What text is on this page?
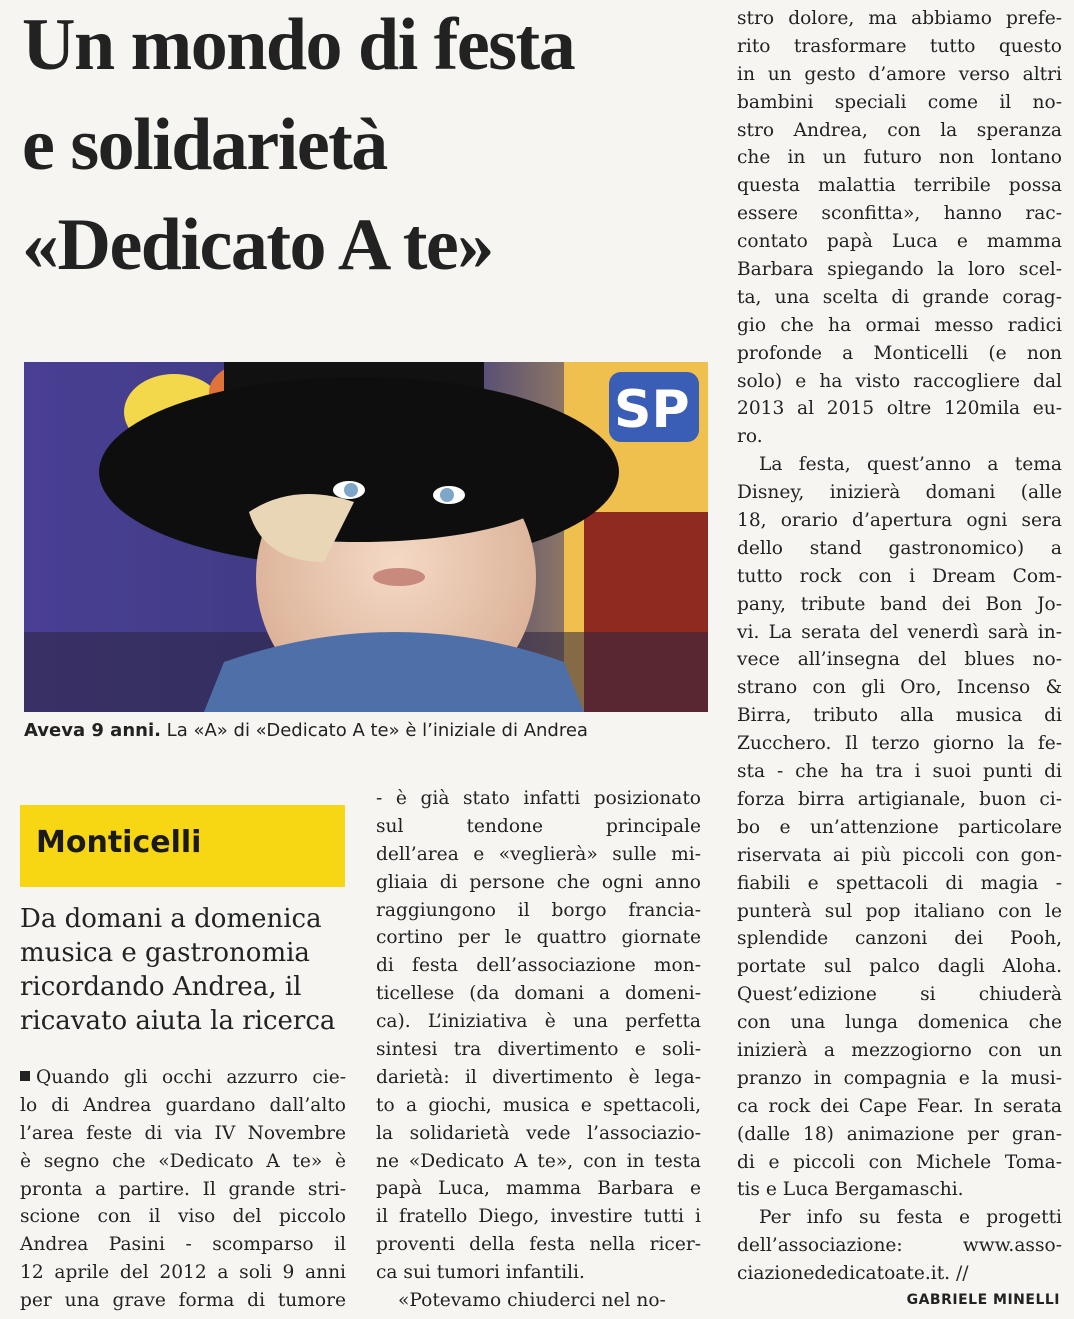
Un mondo di festa
e solidarietà
«Dedicato A te»
SP
Aveva 9 anni. La «A» di «Dedicato A te» è l’iniziale di Andrea
Monticelli
Da domani a domenica
musica e gastronomia
ricordando Andrea, il
ricavato aiuta la ricerca
Quando gli occhi azzurro cie-
lo di Andrea guardano dall’alto
l’area feste di via IV Novembre
è segno che «Dedicato A te» è
pronta a partire. Il grande stri-
scione con il viso del piccolo
Andrea Pasini - scomparso il
12 aprile del 2012 a soli 9 anni
per una grave forma di tumore
- è già stato infatti posizionato
sul tendone principale
dell’area e «veglierà» sulle mi-
gliaia di persone che ogni anno
raggiungono il borgo francia-
cortino per le quattro giornate
di festa dell’associazione mon-
ticellese (da domani a domeni-
ca). L’iniziativa è una perfetta
sintesi tra divertimento e soli-
darietà: il divertimento è lega-
to a giochi, musica e spettacoli,
la solidarietà vede l’associazio-
ne «Dedicato A te», con in testa
papà Luca, mamma Barbara e
il fratello Diego, investire tutti i
proventi della festa nella ricer-
ca sui tumori infantili.
«Potevamo chiuderci nel no-
stro dolore, ma abbiamo prefe-
rito trasformare tutto questo
in un gesto d’amore verso altri
bambini speciali come il no-
stro Andrea, con la speranza
che in un futuro non lontano
questa malattia terribile possa
essere sconfitta», hanno rac-
contato papà Luca e mamma
Barbara spiegando la loro scel-
ta, una scelta di grande corag-
gio che ha ormai messo radici
profonde a Monticelli (e non
solo) e ha visto raccogliere dal
2013 al 2015 oltre 120mila eu-
ro.
La festa, quest’anno a tema
Disney, inizierà domani (alle
18, orario d’apertura ogni sera
dello stand gastronomico) a
tutto rock con i Dream Com-
pany, tribute band dei Bon Jo-
vi. La serata del venerdì sarà in-
vece all’insegna del blues no-
strano con gli Oro, Incenso &
Birra, tributo alla musica di
Zucchero. Il terzo giorno la fe-
sta - che ha tra i suoi punti di
forza birra artigianale, buon ci-
bo e un’attenzione particolare
riservata ai più piccoli con gon-
fiabili e spettacoli di magia -
punterà sul pop italiano con le
splendide canzoni dei Pooh,
portate sul palco dagli Aloha.
Quest’edizione si chiuderà
con una lunga domenica che
inizierà a mezzogiorno con un
pranzo in compagnia e la musi-
ca rock dei Cape Fear. In serata
(dalle 18) animazione per gran-
di e piccoli con Michele Toma-
tis e Luca Bergamaschi.
Per info su festa e progetti
dell’associazione: www.asso-
ciazionededicatoate.it. //
GABRIELE MINELLI
